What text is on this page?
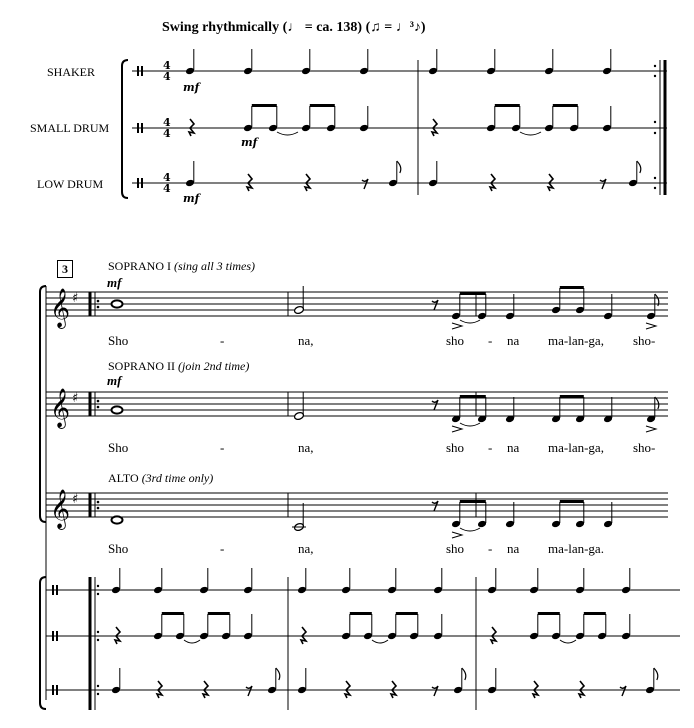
Swing rhythmically (♩ = ca. 138) (♫ = ♩³♪)
SHAKER
SMALL DRUM
LOW DRUM
3	SOPRANO I (sing all 3 times)
SOPRANO II (join 2nd time)
ALTO (3rd time only)
mf
mf
Sho	-	na,	sho - na ma-lan-ga, sho-
Sho	-	na,	sho - na ma-lan-ga, sho-
Sho	-	na,	sho - na ma-lan-ga.
4
4
4
4
4
4
mf
mf
mf
𝄞 ♯
𝄞 ♯
𝄞 ♯
